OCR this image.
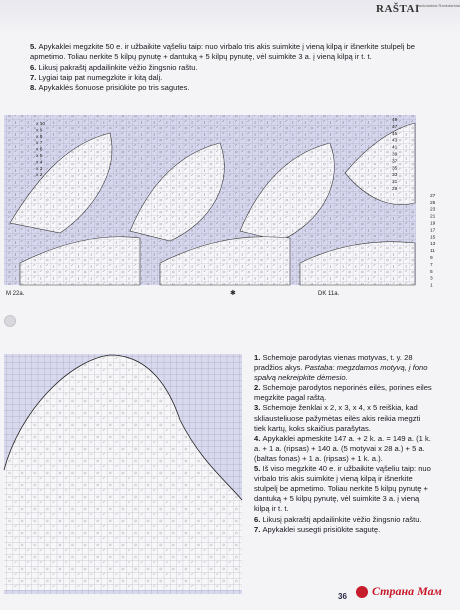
RAŠTAI
Rankdarbiai Rankdarbiai

5. Apykaklei megzkite 50 e. ir užbaikite vąšeliu taip: nuo virbalo tris akis suimkite į vieną kilpą ir išnerkite stulpelį be apmetimo. Toliau nerkite 5 kilpų pynutę + dantuką + 5 kilpų pynutę, vėl suimkite 3 a. į vieną kilpą ir t. t.

6. Likusį pakraštį apdailinkite vėžio žingsnio raštu.

7. Lygiai taip pat numegzkite ir kitą dalį.

8. Apykaklės šonuose prisiūkite po tris sagutes.

x 10
x 9
x 8
x 7
x 6
x 5
x 4
x 3
x 2
49
47
45
43
41
39
37
35
33
31
29
27
25
23
21
19
17
15
13
11
9
7
5
3
1
M 22a.	DK 11a.
✱

1. Schemoje parodytas vienas motyvas, t. y. 28 pradžios akys. Pastaba: megzdamos motyvą, į fono spalvą nekreipkite dėmesio.

2. Schemoje parodytos neporinės eilės, porines eiles megzkite pagal raštą.

3. Schemoje ženklai x 2, x 3, x 4, x 5 reiškia, kad skliausteliuose pažymėtas eilės akis reikia megzti tiek kartų, koks skaičius parašytas.

4. Apykaklei apmeskite 147 a. + 2 k. a. = 149 a. (1 k. a. + 1 a. (ripsas) + 140 a. (5 motyvai x 28 a.) + 5 a. (baltas fonas) + 1 a. (ripsas) + 1 k. a.).

5. Iš viso megzkite 40 e. ir užbaikite vąšeliu taip: nuo virbalo tris akis suimkite į vieną kilpą ir išnerkite stulpelį be apmetimo. Toliau nerkite 5 kilpų pynutę + dantuką + 5 kilpų pynutę, vėl suimkite 3 a. į vieną kilpą ir t. t.

6. Likusį pakraštį apdailinkite vėžio žingsnio raštu.

7. Apykaklei susegti prisiūkite sagutę.

36 Страна Мам
